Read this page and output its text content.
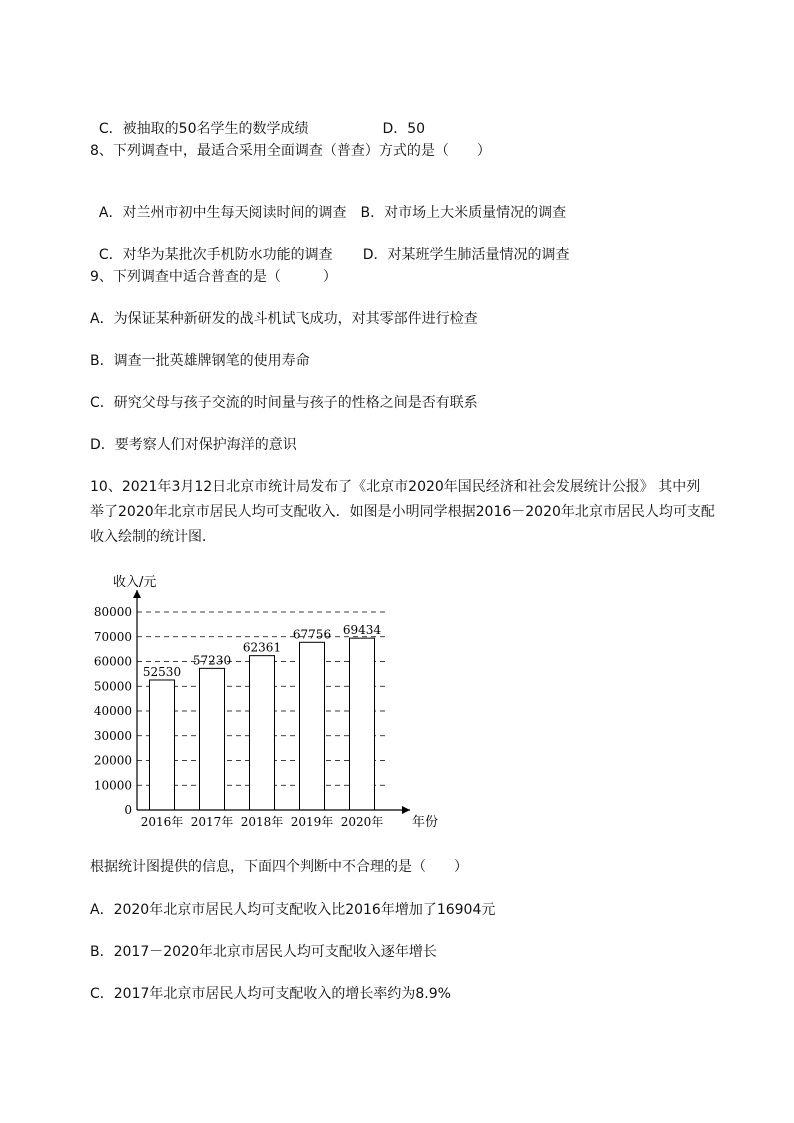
C．被抽取的50名学生的数学成绩	D．50

8、下列调查中，最适合采用全面调查（普查）方式的是（　　）

A．对兰州市初中生每天阅读时间的调查 B．对市场上大米质量情况的调查

C．对华为某批次手机防水功能的调查 D．对某班学生肺活量情况的调查

9、下列调查中适合普查的是（　　　）
A．为保证某种新研发的战斗机试飞成功，对其零部件进行检查
B．调查一批英雄牌钢笔的使用寿命
C．研究父母与孩子交流的时间量与孩子的性格之间是否有联系
D．要考察人们对保护海洋的意识
10、2021年3月12日北京市统计局发布了《北京市2020年国民经济和社会发展统计公报》 其中列
举了2020年北京市居民人均可支配收入．如图是小明同学根据2016－2020年北京市居民人均可支配
收入绘制的统计图．
0
10000
20000
30000
40000
50000
60000
70000
80000
52530
2016年
57230
2017年
62361
2018年
67756
2019年
69434
2020年
收入/元
年份
根据统计图提供的信息，下面四个判断中不合理的是（　　）
A．2020年北京市居民人均可支配收入比2016年增加了16904元
B．2017－2020年北京市居民人均可支配收入逐年增长
C．2017年北京市居民人均可支配收入的增长率约为8.9%
